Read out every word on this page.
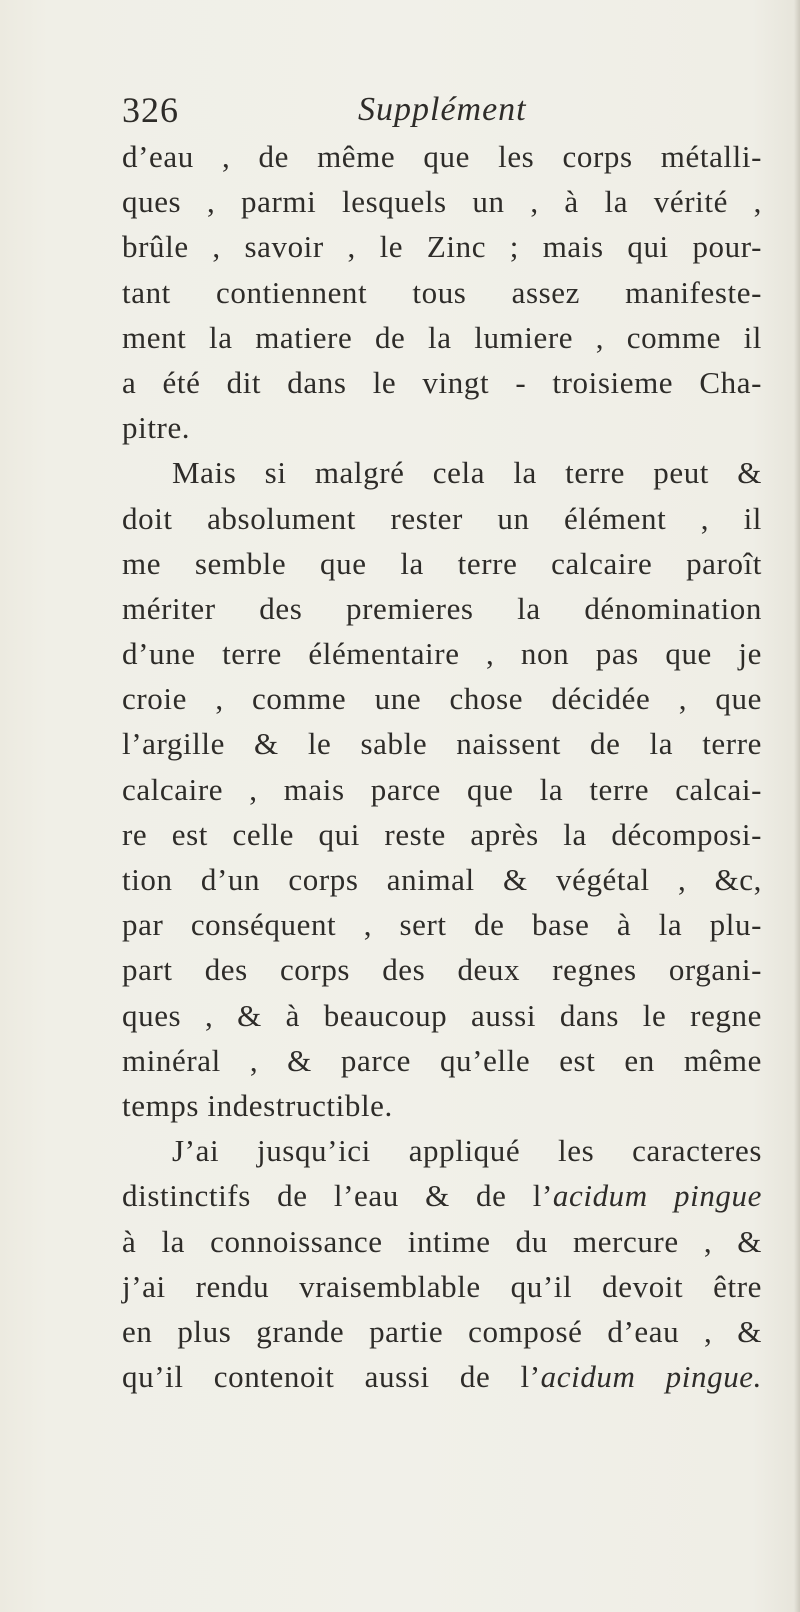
326	Supplément
d’eau , de même que les corps métalli-
ques , parmi lesquels un , à la vérité ,
brûle , savoir , le Zinc ; mais qui pour-
tant contiennent tous assez manifeste-
ment la matiere de la lumiere , comme il
a été dit dans le vingt - troisieme Cha-
pitre.
Mais si malgré cela la terre peut &
doit absolument rester un élément , il
me semble que la terre calcaire paroît
mériter des premieres la dénomination
d’une terre élémentaire , non pas que je
croie , comme une chose décidée , que
l’argille & le sable naissent de la terre
calcaire , mais parce que la terre calcai-
re est celle qui reste après la décomposi-
tion d’un corps animal & végétal , &c,
par conséquent , sert de base à la plu-
part des corps des deux regnes organi-
ques , & à beaucoup aussi dans le regne
minéral , & parce qu’elle est en même
temps indestructible.
J’ai jusqu’ici appliqué les caracteres
distinctifs de l’eau & de l’acidum pingue
à la connoissance intime du mercure , &
j’ai rendu vraisemblable qu’il devoit être
en plus grande partie composé d’eau , &
qu’il contenoit aussi de l’acidum pingue.
